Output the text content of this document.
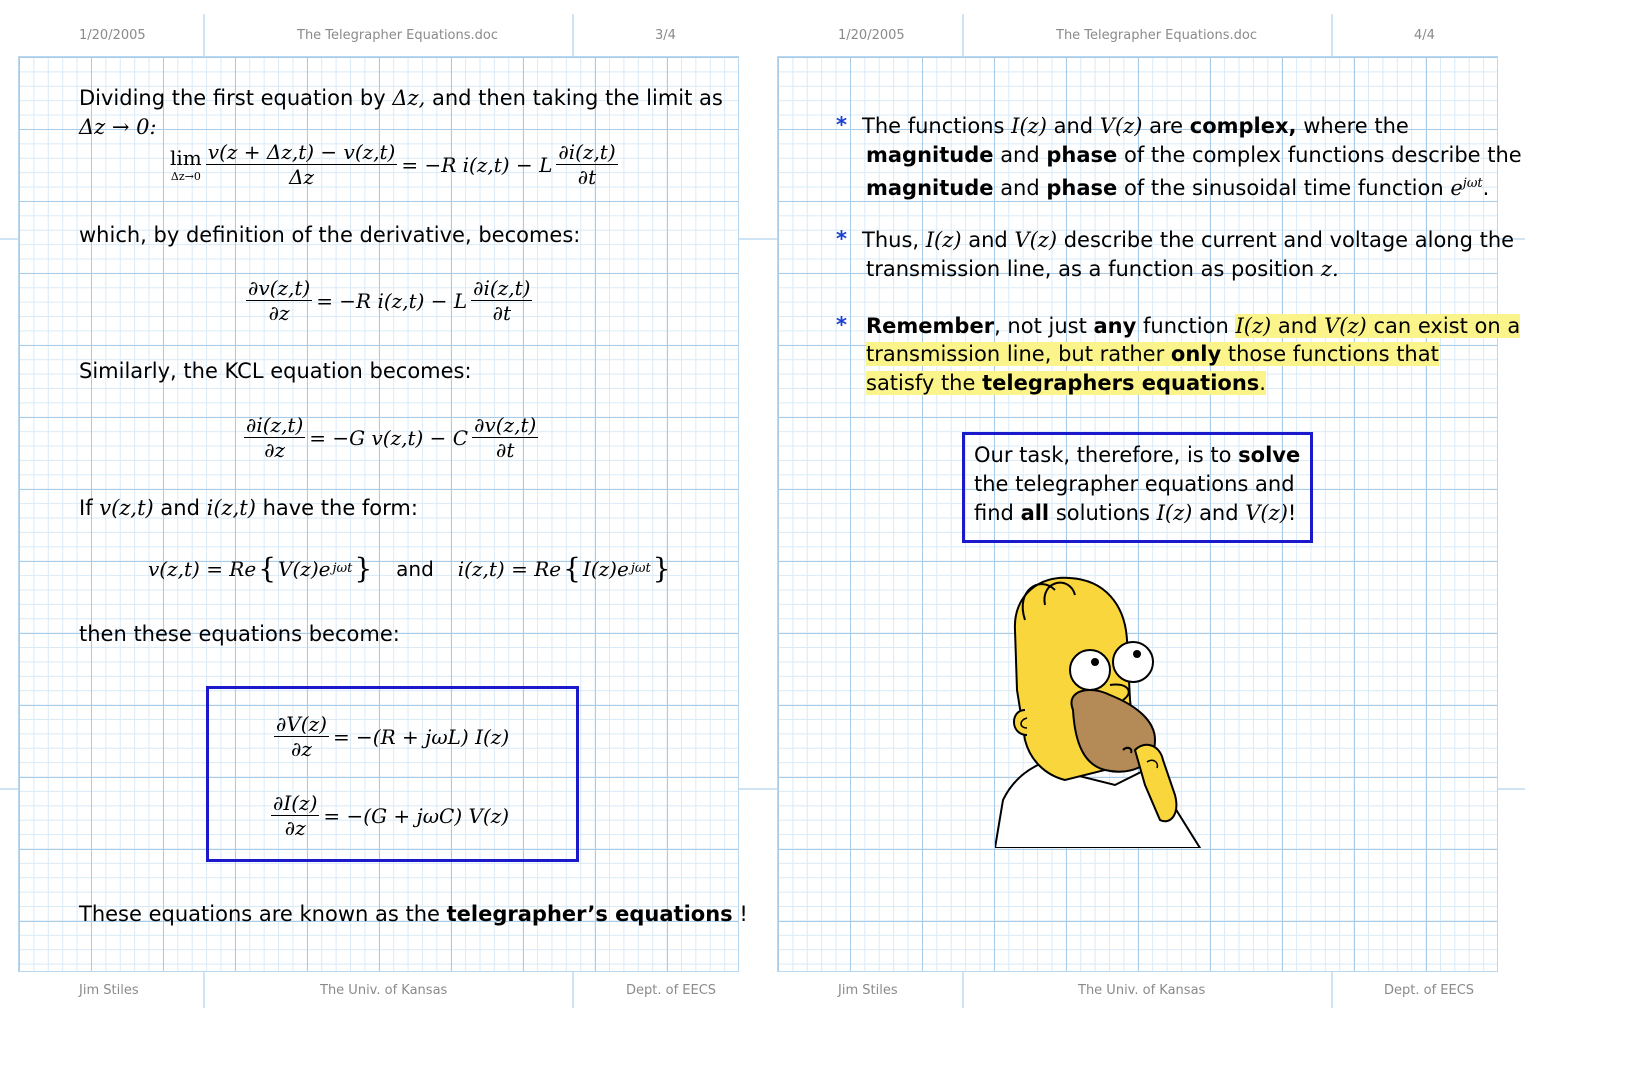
1/20/2005	The Telegrapher Equations.doc	3/4
Jim Stiles	The Univ. of Kansas	Dept. of EECS
Dividing the first equation by Δz, and then taking the limit as
Δz → 0:
lim
$\Delta z\to 0 \frac{v(z + \Delta z,t) - v(z,t)}{\Delta z} = -R$ i(z,t) − L $\frac{\partial i(z,t)}{\partial t}$
which, by definition of the derivative, becomes:
$\frac{\partial v(z,t)}{\partial z} = -R$ i(z,t) − L $\frac{\partial i(z,t)}{\partial t}$
Similarly, the KCL equation becomes:
$\frac{\partial i(z,t)}{\partial z} = -G$ v(z,t) − C $\frac{\partial v(z,t)}{\partial t}$
If v(z,t) and i(z,t) have the form:
v(z,t) = Re { V(z)e jωt } and i(z,t) = Re { I(z)e jωt }
then these equations become:
$\frac{\partial V(z)}{\partial z} = -(R + j\omega L)$ I(z)
$\frac{\partial I(z)}{\partial z} = -(G + j\omega C)$ V(z)
These equations are known as the telegrapher’s equations !
1/20/2005	The Telegrapher Equations.doc	4/4
Jim Stiles	The Univ. of Kansas	Dept. of EECS
* The functions I(z) and V(z) are complex, where the
magnitude and phase of the complex functions describe the
magnitude and phase of the sinusoidal time function $e^{j\omega t}$.
* Thus, I(z) and V(z) describe the current and voltage along the
transmission line, as a function as position z.
* Remember, not just any function I(z) and V(z) can exist on a
transmission line, but rather only those functions that
satisfy the telegraphers equations.
Our task, therefore, is to solve
the telegrapher equations and
find all solutions I(z) and V(z)!
